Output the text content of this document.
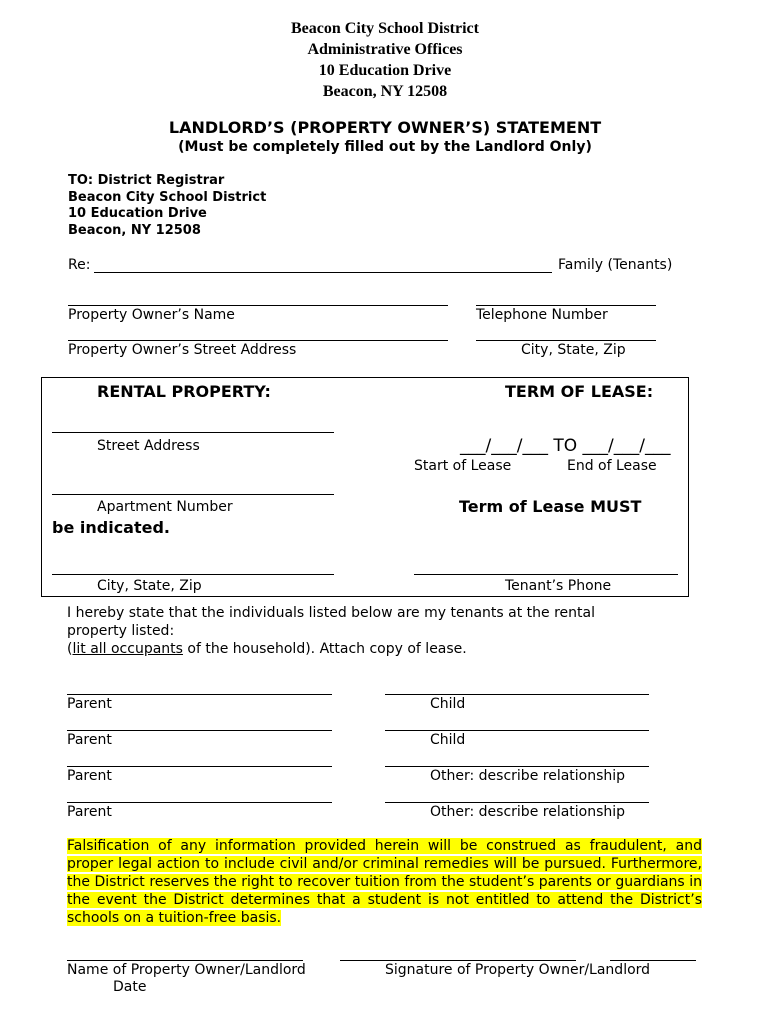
Beacon City School District
Administrative Offices
10 Education Drive
Beacon, NY 12508
LANDLORD’S (PROPERTY OWNER’S) STATEMENT
(Must be completely filled out by the Landlord Only)
TO: District Registrar
Beacon City School District
10 Education Drive
Beacon, NY 12508
Re:	Family (Tenants)
Property Owner’s Name	Telephone Number
Property Owner’s Street Address	City, State, Zip
RENTAL PROPERTY:	TERM OF LEASE:
Street Address	___/___/___ TO ___/___/___
Start of Lease	End of Lease
Apartment Number	Term of Lease MUST
be indicated.
City, State, Zip	Tenant’s Phone
I hereby state that the individuals listed below are my tenants at the rental
property listed:
(lit all occupants of the household). Attach copy of lease.
Parent	Child
Parent	Child
Parent	Other: describe relationship
Parent	Other: describe relationship
Falsification of any information provided herein will be construed as fraudulent, and proper legal action to include civil and/or criminal remedies will be pursued. Furthermore, the District reserves the right to recover tuition from the student’s parents or guardians in the event the District determines that a student is not entitled to attend the District’s schools on a tuition-free basis.
Name of Property Owner/Landlord	Signature of Property Owner/Landlord
Date
